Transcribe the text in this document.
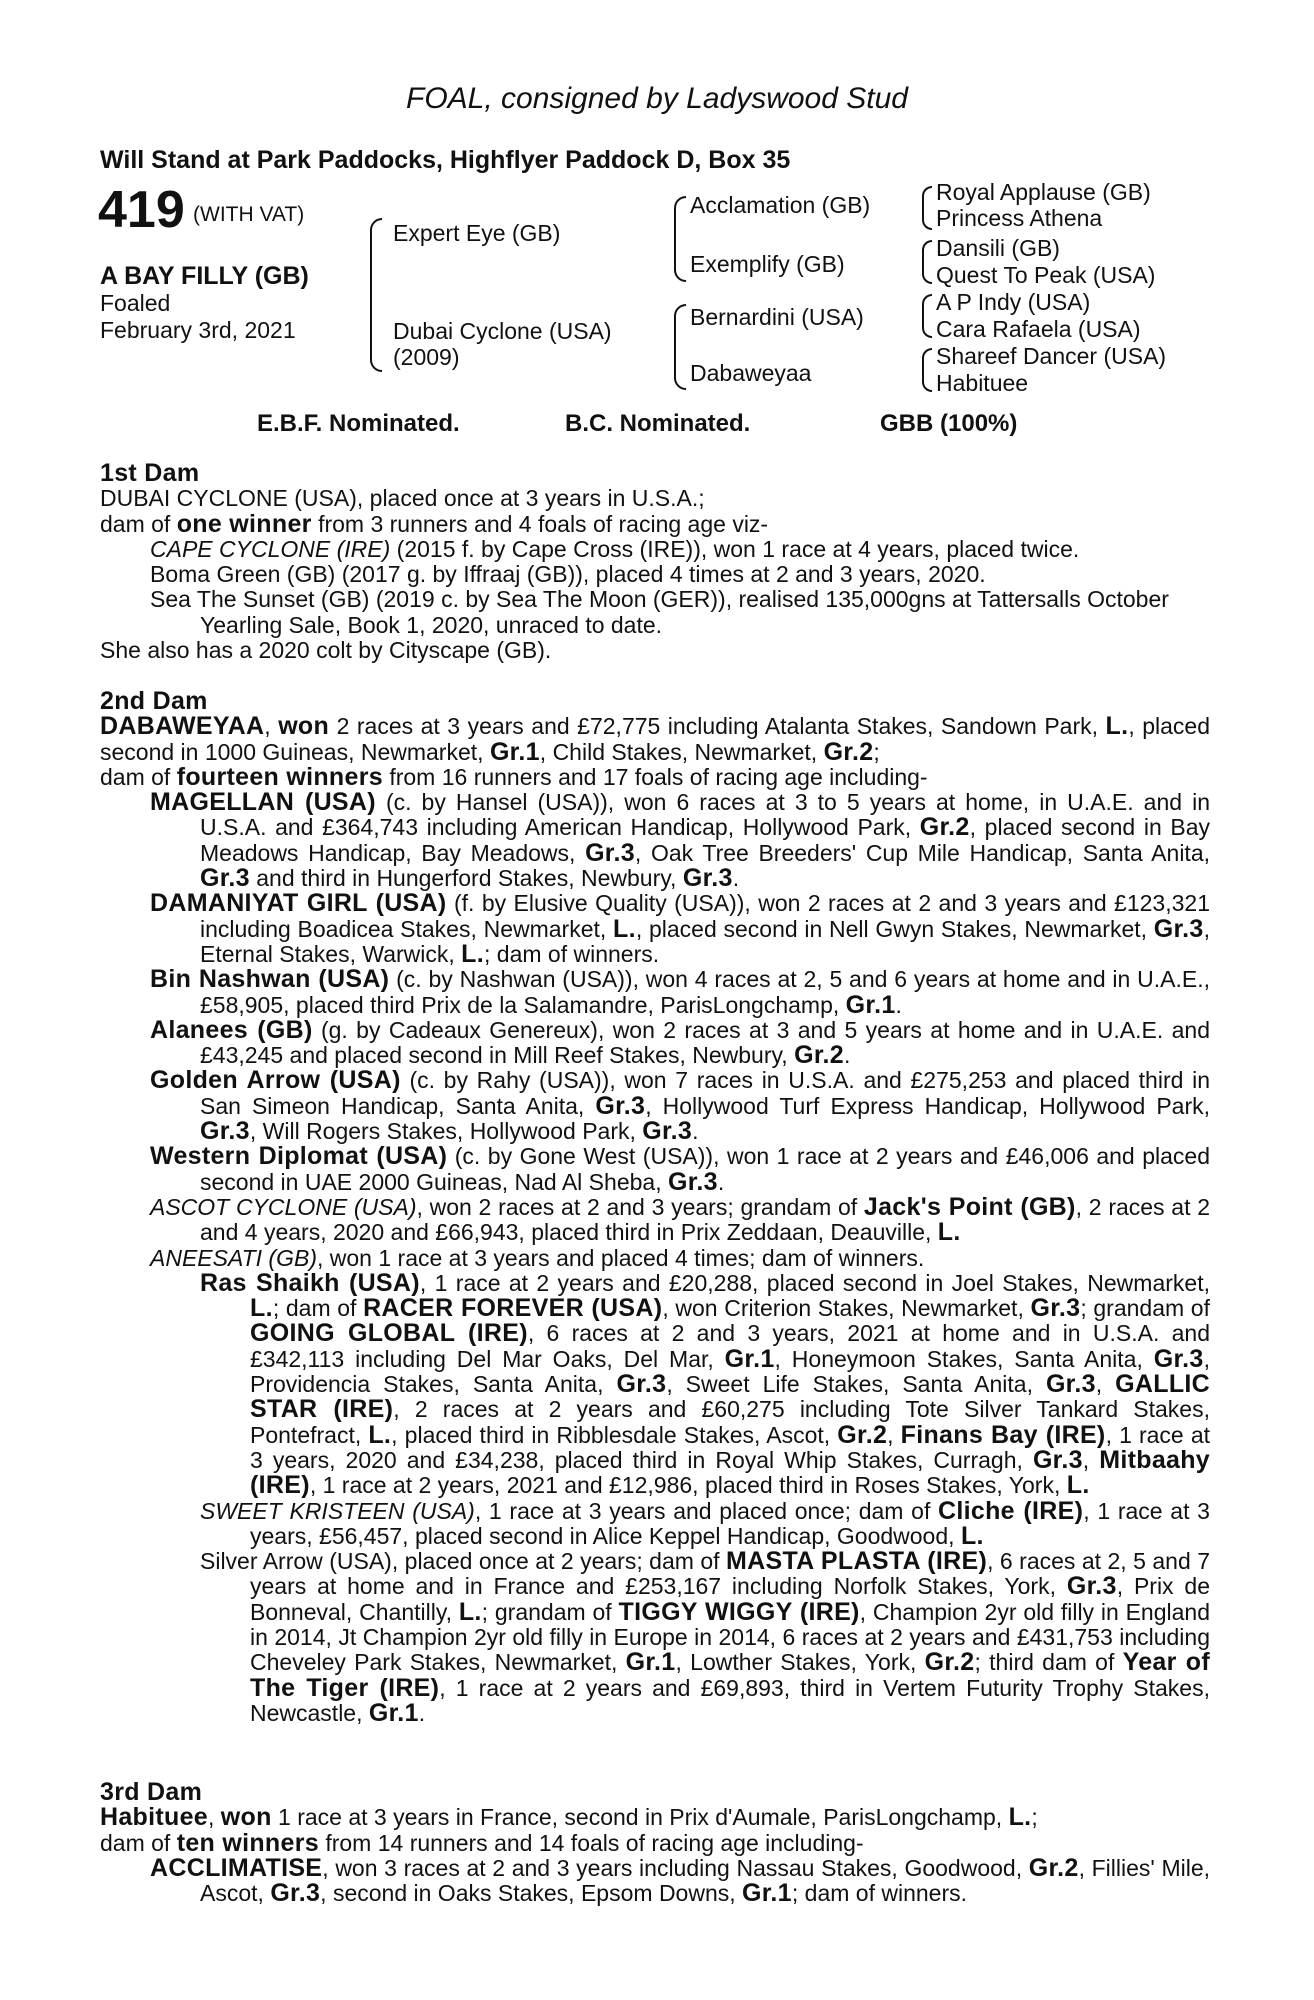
FOAL, consigned by Ladyswood Stud
Will Stand at Park Paddocks, Highflyer Paddock D, Box 35
419 (WITH VAT)
A BAY FILLY (GB)
Foaled
February 3rd, 2021
Expert Eye (GB)
Dubai Cyclone (USA)
(2009)
Acclamation (GB)
Exemplify (GB)
Bernardini (USA)
Dabaweyaa
Royal Applause (GB)
Princess Athena
Dansili (GB)
Quest To Peak (USA)
A P Indy (USA)
Cara Rafaela (USA)
Shareef Dancer (USA)
Habituee
E.B.F. Nominated.	B.C. Nominated.	GBB (100%)

1st Dam

DUBAI CYCLONE (USA), placed once at 3 years in U.S.A.;

dam of one winner from 3 runners and 4 foals of racing age viz-

CAPE CYCLONE (IRE) (2015 f. by Cape Cross (IRE)), won 1 race at 4 years, placed twice.

Boma Green (GB) (2017 g. by Iffraaj (GB)), placed 4 times at 2 and 3 years, 2020.

Sea The Sunset (GB) (2019 c. by Sea The Moon (GER)), realised 135,000gns at Tattersalls October Yearling Sale, Book 1, 2020, unraced to date.

She also has a 2020 colt by Cityscape (GB).

2nd Dam

DABAWEYAA, won 2 races at 3 years and £72,775 including Atalanta Stakes, Sandown Park, L., placed second in 1000 Guineas, Newmarket, Gr.1, Child Stakes, Newmarket, Gr.2;

dam of fourteen winners from 16 runners and 17 foals of racing age including-

MAGELLAN (USA) (c. by Hansel (USA)), won 6 races at 3 to 5 years at home, in U.A.E. and in U.S.A. and £364,743 including American Handicap, Hollywood Park, Gr.2, placed second in Bay Meadows Handicap, Bay Meadows, Gr.3, Oak Tree Breeders' Cup Mile Handicap, Santa Anita, Gr.3 and third in Hungerford Stakes, Newbury, Gr.3.

DAMANIYAT GIRL (USA) (f. by Elusive Quality (USA)), won 2 races at 2 and 3 years and £123,321 including Boadicea Stakes, Newmarket, L., placed second in Nell Gwyn Stakes, Newmarket, Gr.3, Eternal Stakes, Warwick, L.; dam of winners.

Bin Nashwan (USA) (c. by Nashwan (USA)), won 4 races at 2, 5 and 6 years at home and in U.A.E., £58,905, placed third Prix de la Salamandre, ParisLongchamp, Gr.1.

Alanees (GB) (g. by Cadeaux Genereux), won 2 races at 3 and 5 years at home and in U.A.E. and £43,245 and placed second in Mill Reef Stakes, Newbury, Gr.2.

Golden Arrow (USA) (c. by Rahy (USA)), won 7 races in U.S.A. and £275,253 and placed third in San Simeon Handicap, Santa Anita, Gr.3, Hollywood Turf Express Handicap, Hollywood Park, Gr.3, Will Rogers Stakes, Hollywood Park, Gr.3.

Western Diplomat (USA) (c. by Gone West (USA)), won 1 race at 2 years and £46,006 and placed second in UAE 2000 Guineas, Nad Al Sheba, Gr.3.

ASCOT CYCLONE (USA), won 2 races at 2 and 3 years; grandam of Jack's Point (GB), 2 races at 2 and 4 years, 2020 and £66,943, placed third in Prix Zeddaan, Deauville, L.

ANEESATI (GB), won 1 race at 3 years and placed 4 times; dam of winners.

Ras Shaikh (USA), 1 race at 2 years and £20,288, placed second in Joel Stakes, Newmarket, L.; dam of RACER FOREVER (USA), won Criterion Stakes, Newmarket, Gr.3; grandam of GOING GLOBAL (IRE), 6 races at 2 and 3 years, 2021 at home and in U.S.A. and £342,113 including Del Mar Oaks, Del Mar, Gr.1, Honeymoon Stakes, Santa Anita, Gr.3, Providencia Stakes, Santa Anita, Gr.3, Sweet Life Stakes, Santa Anita, Gr.3, GALLIC STAR (IRE), 2 races at 2 years and £60,275 including Tote Silver Tankard Stakes, Pontefract, L., placed third in Ribblesdale Stakes, Ascot, Gr.2, Finans Bay (IRE), 1 race at 3 years, 2020 and £34,238, placed third in Royal Whip Stakes, Curragh, Gr.3, Mitbaahy (IRE), 1 race at 2 years, 2021 and £12,986, placed third in Roses Stakes, York, L.

SWEET KRISTEEN (USA), 1 race at 3 years and placed once; dam of Cliche (IRE), 1 race at 3 years, £56,457, placed second in Alice Keppel Handicap, Goodwood, L.

Silver Arrow (USA), placed once at 2 years; dam of MASTA PLASTA (IRE), 6 races at 2, 5 and 7 years at home and in France and £253,167 including Norfolk Stakes, York, Gr.3, Prix de Bonneval, Chantilly, L.; grandam of TIGGY WIGGY (IRE), Champion 2yr old filly in England in 2014, Jt Champion 2yr old filly in Europe in 2014, 6 races at 2 years and £431,753 including Cheveley Park Stakes, Newmarket, Gr.1, Lowther Stakes, York, Gr.2; third dam of Year of The Tiger (IRE), 1 race at 2 years and £69,893, third in Vertem Futurity Trophy Stakes, Newcastle, Gr.1.

3rd Dam

Habituee, won 1 race at 3 years in France, second in Prix d'Aumale, ParisLongchamp, L.;

dam of ten winners from 14 runners and 14 foals of racing age including-

ACCLIMATISE, won 3 races at 2 and 3 years including Nassau Stakes, Goodwood, Gr.2, Fillies' Mile, Ascot, Gr.3, second in Oaks Stakes, Epsom Downs, Gr.1; dam of winners.
